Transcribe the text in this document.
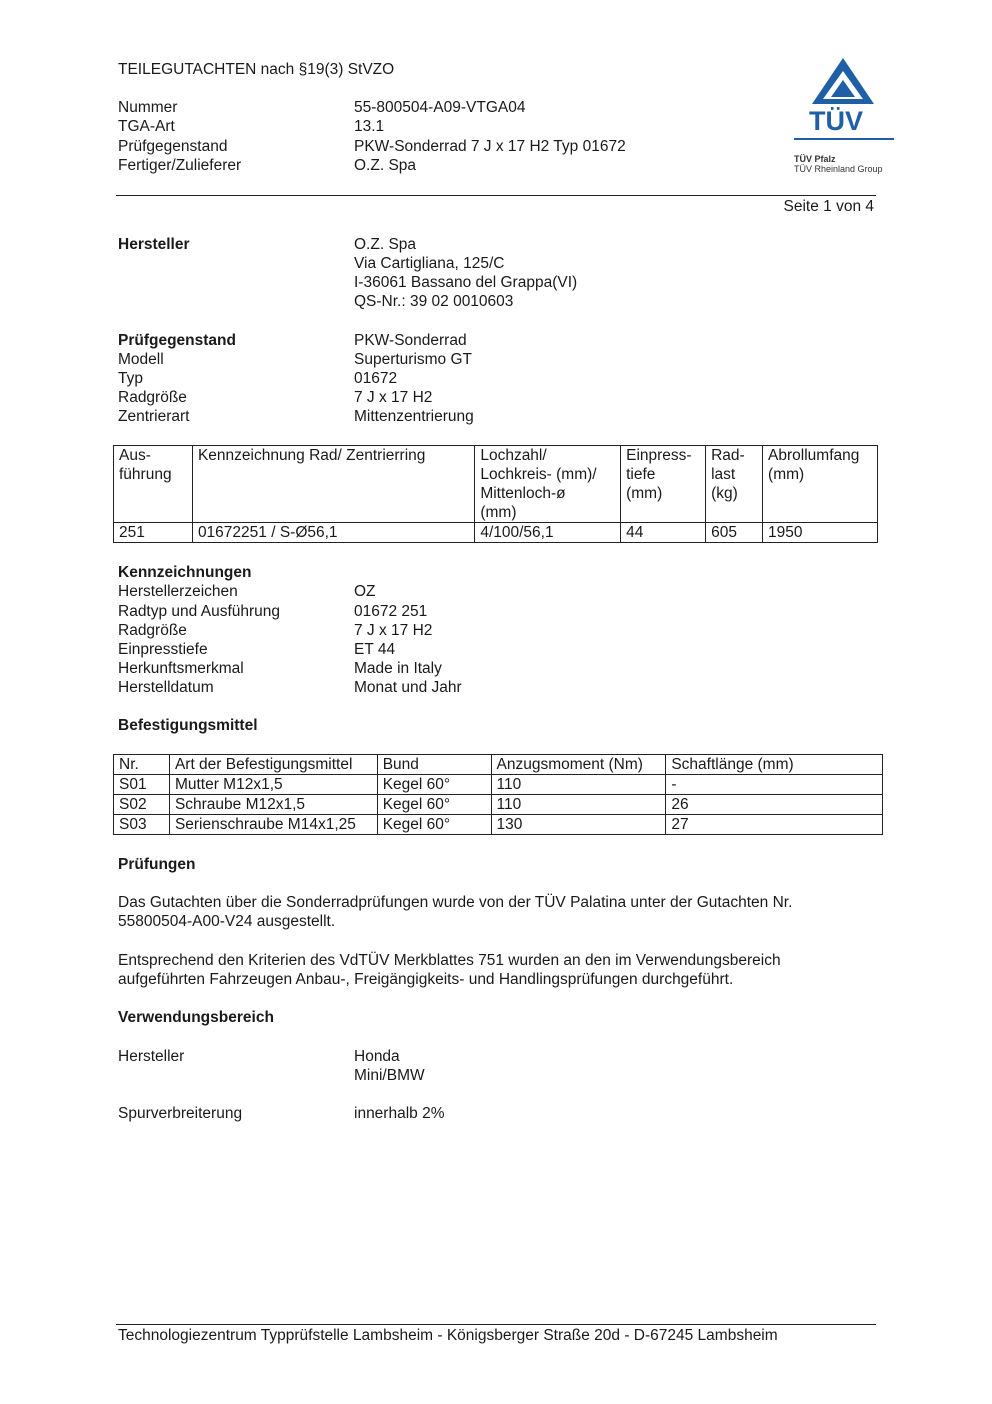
TEILEGUTACHTEN nach §19(3) StVZO
Nummer	55-800504-A09-VTGA04
TGA-Art	13.1
Prüfgegenstand	PKW-Sonderrad 7 J x 17 H2 Typ 01672
Fertiger/Zulieferer	O.Z. Spa
TÜV
TÜV Pfalz
TÜV Rheinland Group
Seite 1 von 4
Hersteller	O.Z. Spa
Via Cartigliana, 125/C
I-36061 Bassano del Grappa(VI)
QS-Nr.: 39 02 0010603
Prüfgegenstand	PKW-Sonderrad
Modell	Superturismo GT
Typ	01672
Radgröße	7 J x 17 H2
Zentrierart	Mittenzentrierung
Aus-
führung	Kennzeichnung Rad/ Zentrierring	Lochzahl/
Lochkreis- (mm)/
Mittenloch-ø
(mm)	Einpress-
tiefe
(mm)	Rad-
last
(kg)	Abrollumfang
(mm)
251	01672251 / S-Ø56,1	4/100/56,1	44	605	1950
Kennzeichnungen
Herstellerzeichen	OZ
Radtyp und Ausführung	01672 251
Radgröße	7 J x 17 H2
Einpresstiefe	ET 44
Herkunftsmerkmal	Made in Italy
Herstelldatum	Monat und Jahr
Befestigungsmittel
Nr.	Art der Befestigungsmittel	Bund	Anzugsmoment (Nm)	Schaftlänge (mm)
S01	Mutter M12x1,5	Kegel 60°	110	-
S02	Schraube M12x1,5	Kegel 60°	110	26
S03	Serienschraube M14x1,25	Kegel 60°	130	27
Prüfungen
Das Gutachten über die Sonderradprüfungen wurde von der TÜV Palatina unter der Gutachten Nr.
55800504-A00-V24 ausgestellt.
Entsprechend den Kriterien des VdTÜV Merkblattes 751 wurden an den im Verwendungsbereich
aufgeführten Fahrzeugen Anbau-, Freigängigkeits- und Handlingsprüfungen durchgeführt.
Verwendungsbereich
Hersteller	Honda
Mini/BMW
Spurverbreiterung	innerhalb 2%
Technologiezentrum Typprüfstelle Lambsheim - Königsberger Straße 20d - D-67245 Lambsheim
